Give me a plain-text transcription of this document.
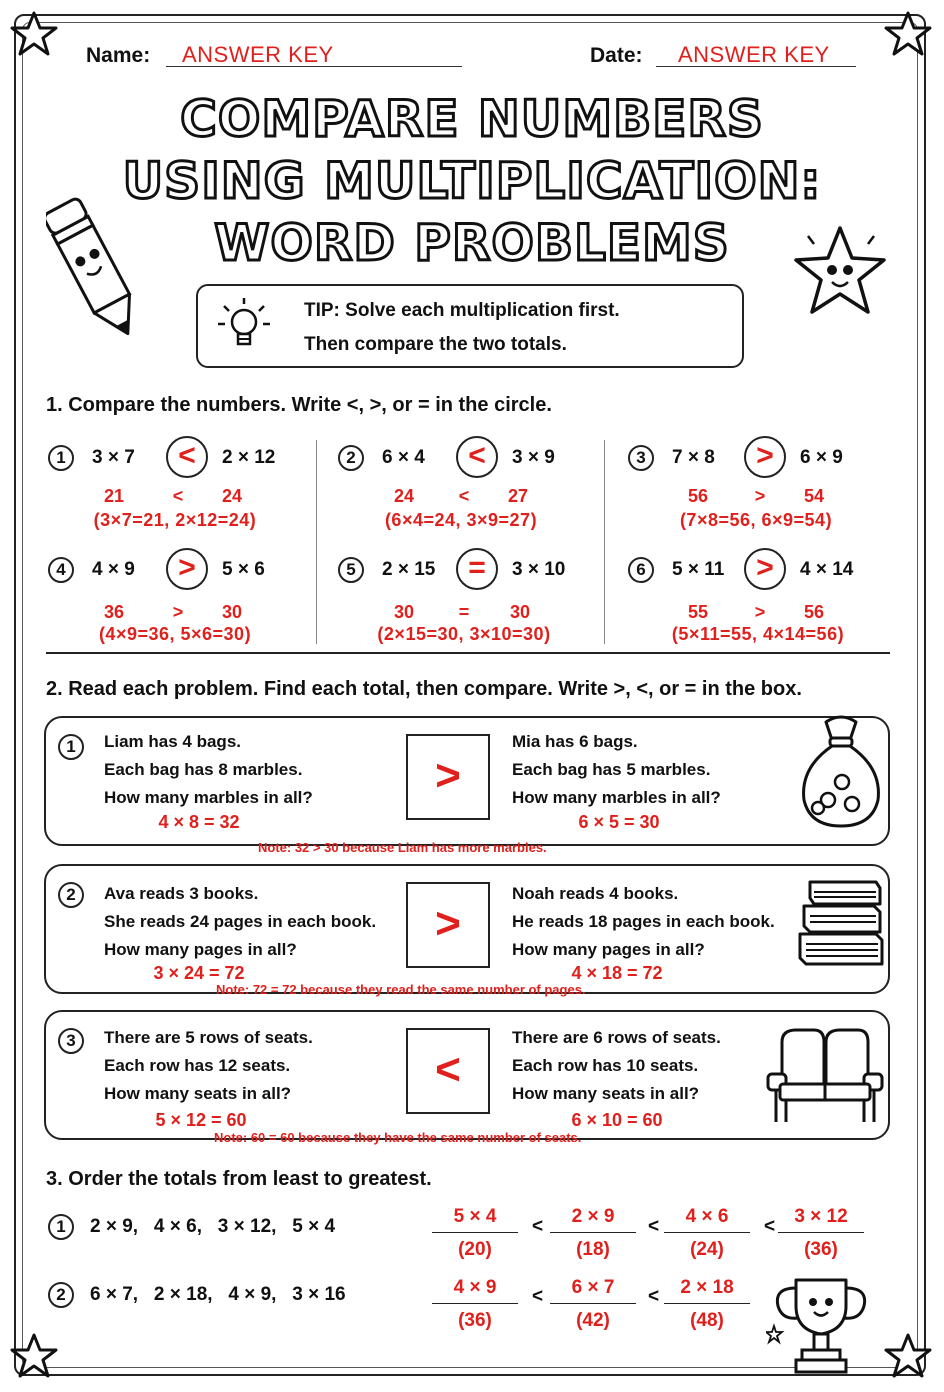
Name: ANSWER KEY	Date: ANSWER KEY
COMPARE NUMBERS
USING MULTIPLICATION:
WORD PROBLEMS
TIP: Solve each multiplication first.
Then compare the two totals.
1. Compare the numbers. Write <, >, or = in the circle.
1	3 × 7	<	2 × 12
21	<	24
(3×7=21, 2×12=24)
2	6 × 4	<	3 × 9
24	<	27
(6×4=24, 3×9=27)
3	7 × 8	>	6 × 9
56	>	54
(7×8=56, 6×9=54)
4	4 × 9	>	5 × 6
36	>	30
(4×9=36, 5×6=30)
5	2 × 15	=	3 × 10
30	=	30
(2×15=30, 3×10=30)
6	5 × 11	>	4 × 14
55	>	56
(5×11=55, 4×14=56)
2. Read each problem. Find each total, then compare. Write >, <, or = in the box.
1	Liam has 4 bags.
Each bag has 8 marbles.
How many marbles in all?
4 × 8 = 32
>
Mia has 6 bags.
Each bag has 5 marbles.
How many marbles in all?
6 × 5 = 30
Note: 32 > 30 because Liam has more marbles.
2	Ava reads 3 books.
She reads 24 pages in each book.
How many pages in all?
3 × 24 = 72
>
Noah reads 4 books.
He reads 18 pages in each book.
How many pages in all?
4 × 18 = 72
Note: 72 = 72 because they read the same number of pages.
3	There are 5 rows of seats.
Each row has 12 seats.
How many seats in all?
5 × 12 = 60
<
There are 6 rows of seats.
Each row has 10 seats.
How many seats in all?
6 × 10 = 60
Note: 60 = 60 because they have the same number of seats.
3. Order the totals from least to greatest.
1	2 × 9,   4 × 6,   3 × 12,   5 × 4	$\frac{5 \times 4}{(20)} < \frac{2 \times 9}{(18)} < \frac{4 \times 6}{(24)} < \frac{3 \times 12}{(36)}$
2	6 × 7,   2 × 18,   4 × 9,   3 × 16	$\frac{4 \times 9}{(36)} < \frac{6 \times 7}{(42)} < \frac{2 \times 18}{(48)}$
